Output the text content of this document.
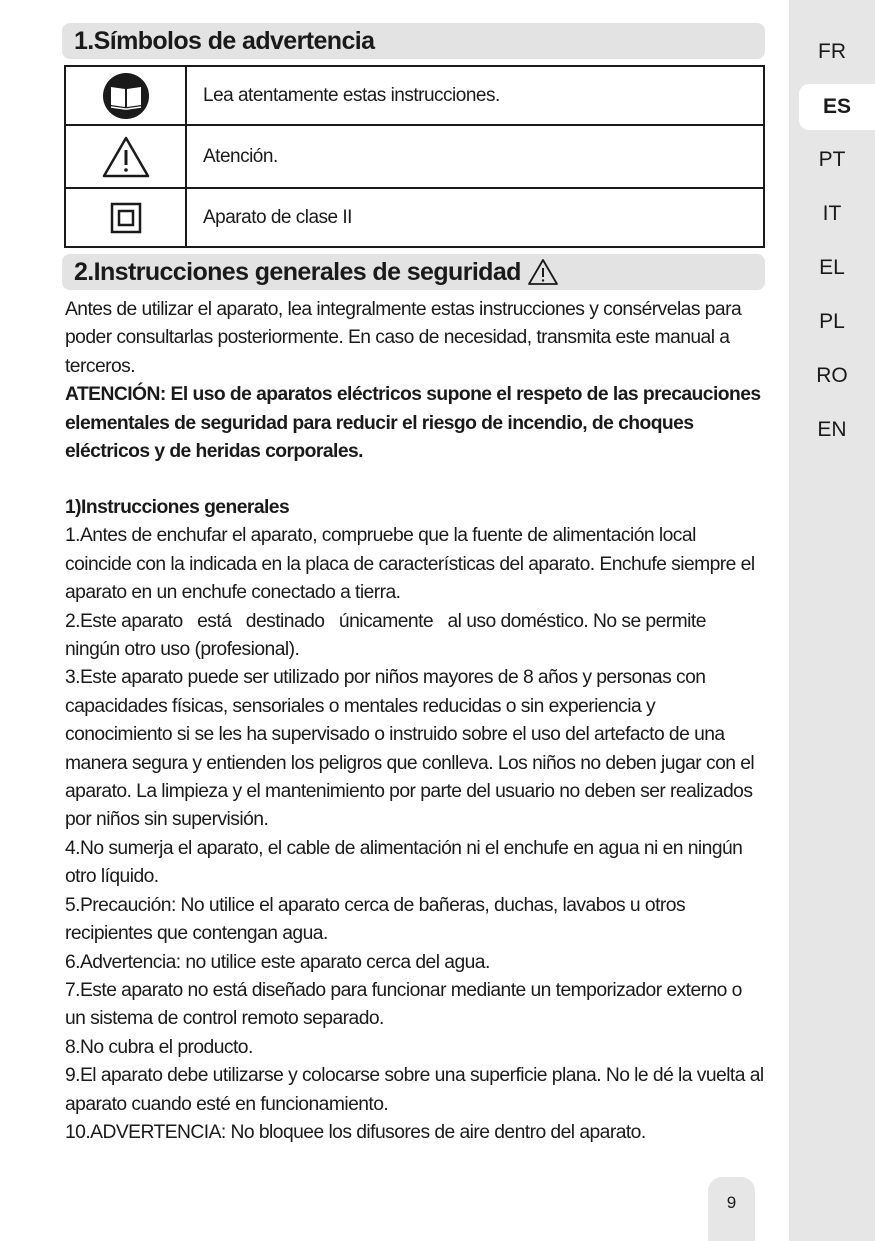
1.Símbolos de advertencia
	Lea atentamente estas instrucciones.

	Atención.

	Aparato de clase II
2.Instrucciones generales de seguridad

Antes de utilizar el aparato, lea integralmente estas instrucciones y consérvelas para poder consultarlas posteriormente. En caso de necesidad, transmita este manual a terceros.

ATENCIÓN: El uso de aparatos eléctricos supone el respeto de las precauciones elementales de seguridad para reducir el riesgo de incendio, de choques eléctricos y de heridas corporales.

1)Instrucciones generales

1.Antes de enchufar el aparato, compruebe que la fuente de alimentación local coincide con la indicada en la placa de características del aparato. Enchufe siempre el aparato en un enchufe conectado a tierra.

2.Este aparato   está   destinado   únicamente   al uso doméstico. No se permite ningún otro uso (profesional).

3.Este aparato puede ser utilizado por niños mayores de 8 años y personas con capacidades físicas, sensoriales o mentales reducidas o sin experiencia y conocimiento si se les ha supervisado o instruido sobre el uso del artefacto de una manera segura y entienden los peligros que conlleva. Los niños no deben jugar con el aparato. La limpieza y el mantenimiento por parte del usuario no deben ser realizados por niños sin supervisión.

4.No sumerja el aparato, el cable de alimentación ni el enchufe en agua ni en ningún otro líquido.

5.Precaución: No utilice el aparato cerca de bañeras, duchas, lavabos u otros recipientes que contengan agua.

6.Advertencia: no utilice este aparato cerca del agua.

7.Este aparato no está diseñado para funcionar mediante un temporizador externo o un sistema de control remoto separado.

8.No cubra el producto.

9.El aparato debe utilizarse y colocarse sobre una superficie plana. No le dé la vuelta al aparato cuando esté en funcionamiento.

10.ADVERTENCIA: No bloquee los difusores de aire dentro del aparato.

FR
ES
PT
IT
EL
PL
RO
EN
9
